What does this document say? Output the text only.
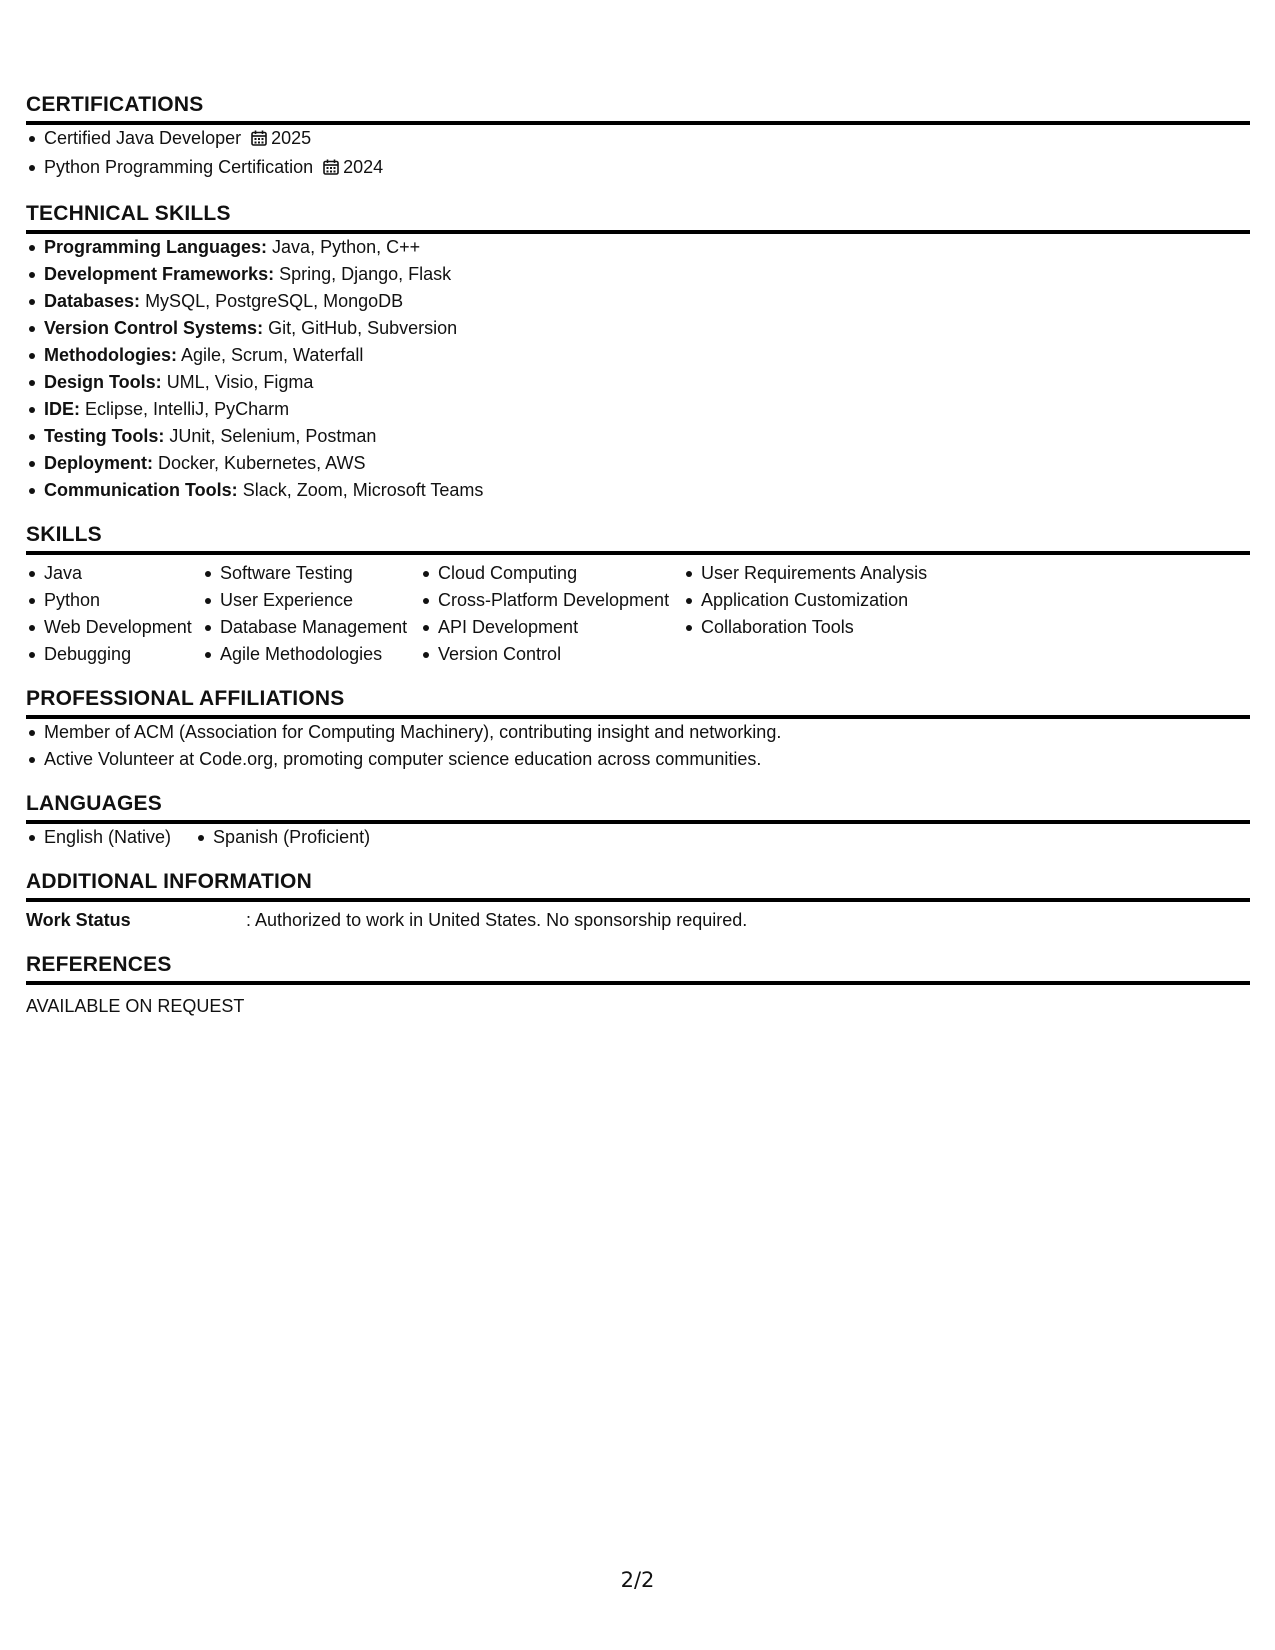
CERTIFICATIONS
Certified Java Developer 2025
Python Programming Certification 2024
TECHNICAL SKILLS
Programming Languages: Java, Python, C++
Development Frameworks: Spring, Django, Flask
Databases: MySQL, PostgreSQL, MongoDB
Version Control Systems: Git, GitHub, Subversion
Methodologies: Agile, Scrum, Waterfall
Design Tools: UML, Visio, Figma
IDE: Eclipse, IntelliJ, PyCharm
Testing Tools: JUnit, Selenium, Postman
Deployment: Docker, Kubernetes, AWS
Communication Tools: Slack, Zoom, Microsoft Teams
SKILLS
Java
Python
Web Development
Debugging
Software Testing
User Experience
Database Management
Agile Methodologies
Cloud Computing
Cross-Platform Development
API Development
Version Control
User Requirements Analysis
Application Customization
Collaboration Tools
PROFESSIONAL AFFILIATIONS
Member of ACM (Association for Computing Machinery), contributing insight and networking.
Active Volunteer at Code.org, promoting computer science education across communities.
LANGUAGES
English (Native)	Spanish (Proficient)
ADDITIONAL INFORMATION
Work Status	: Authorized to work in United States. No sponsorship required.
REFERENCES
AVAILABLE ON REQUEST
2/2
